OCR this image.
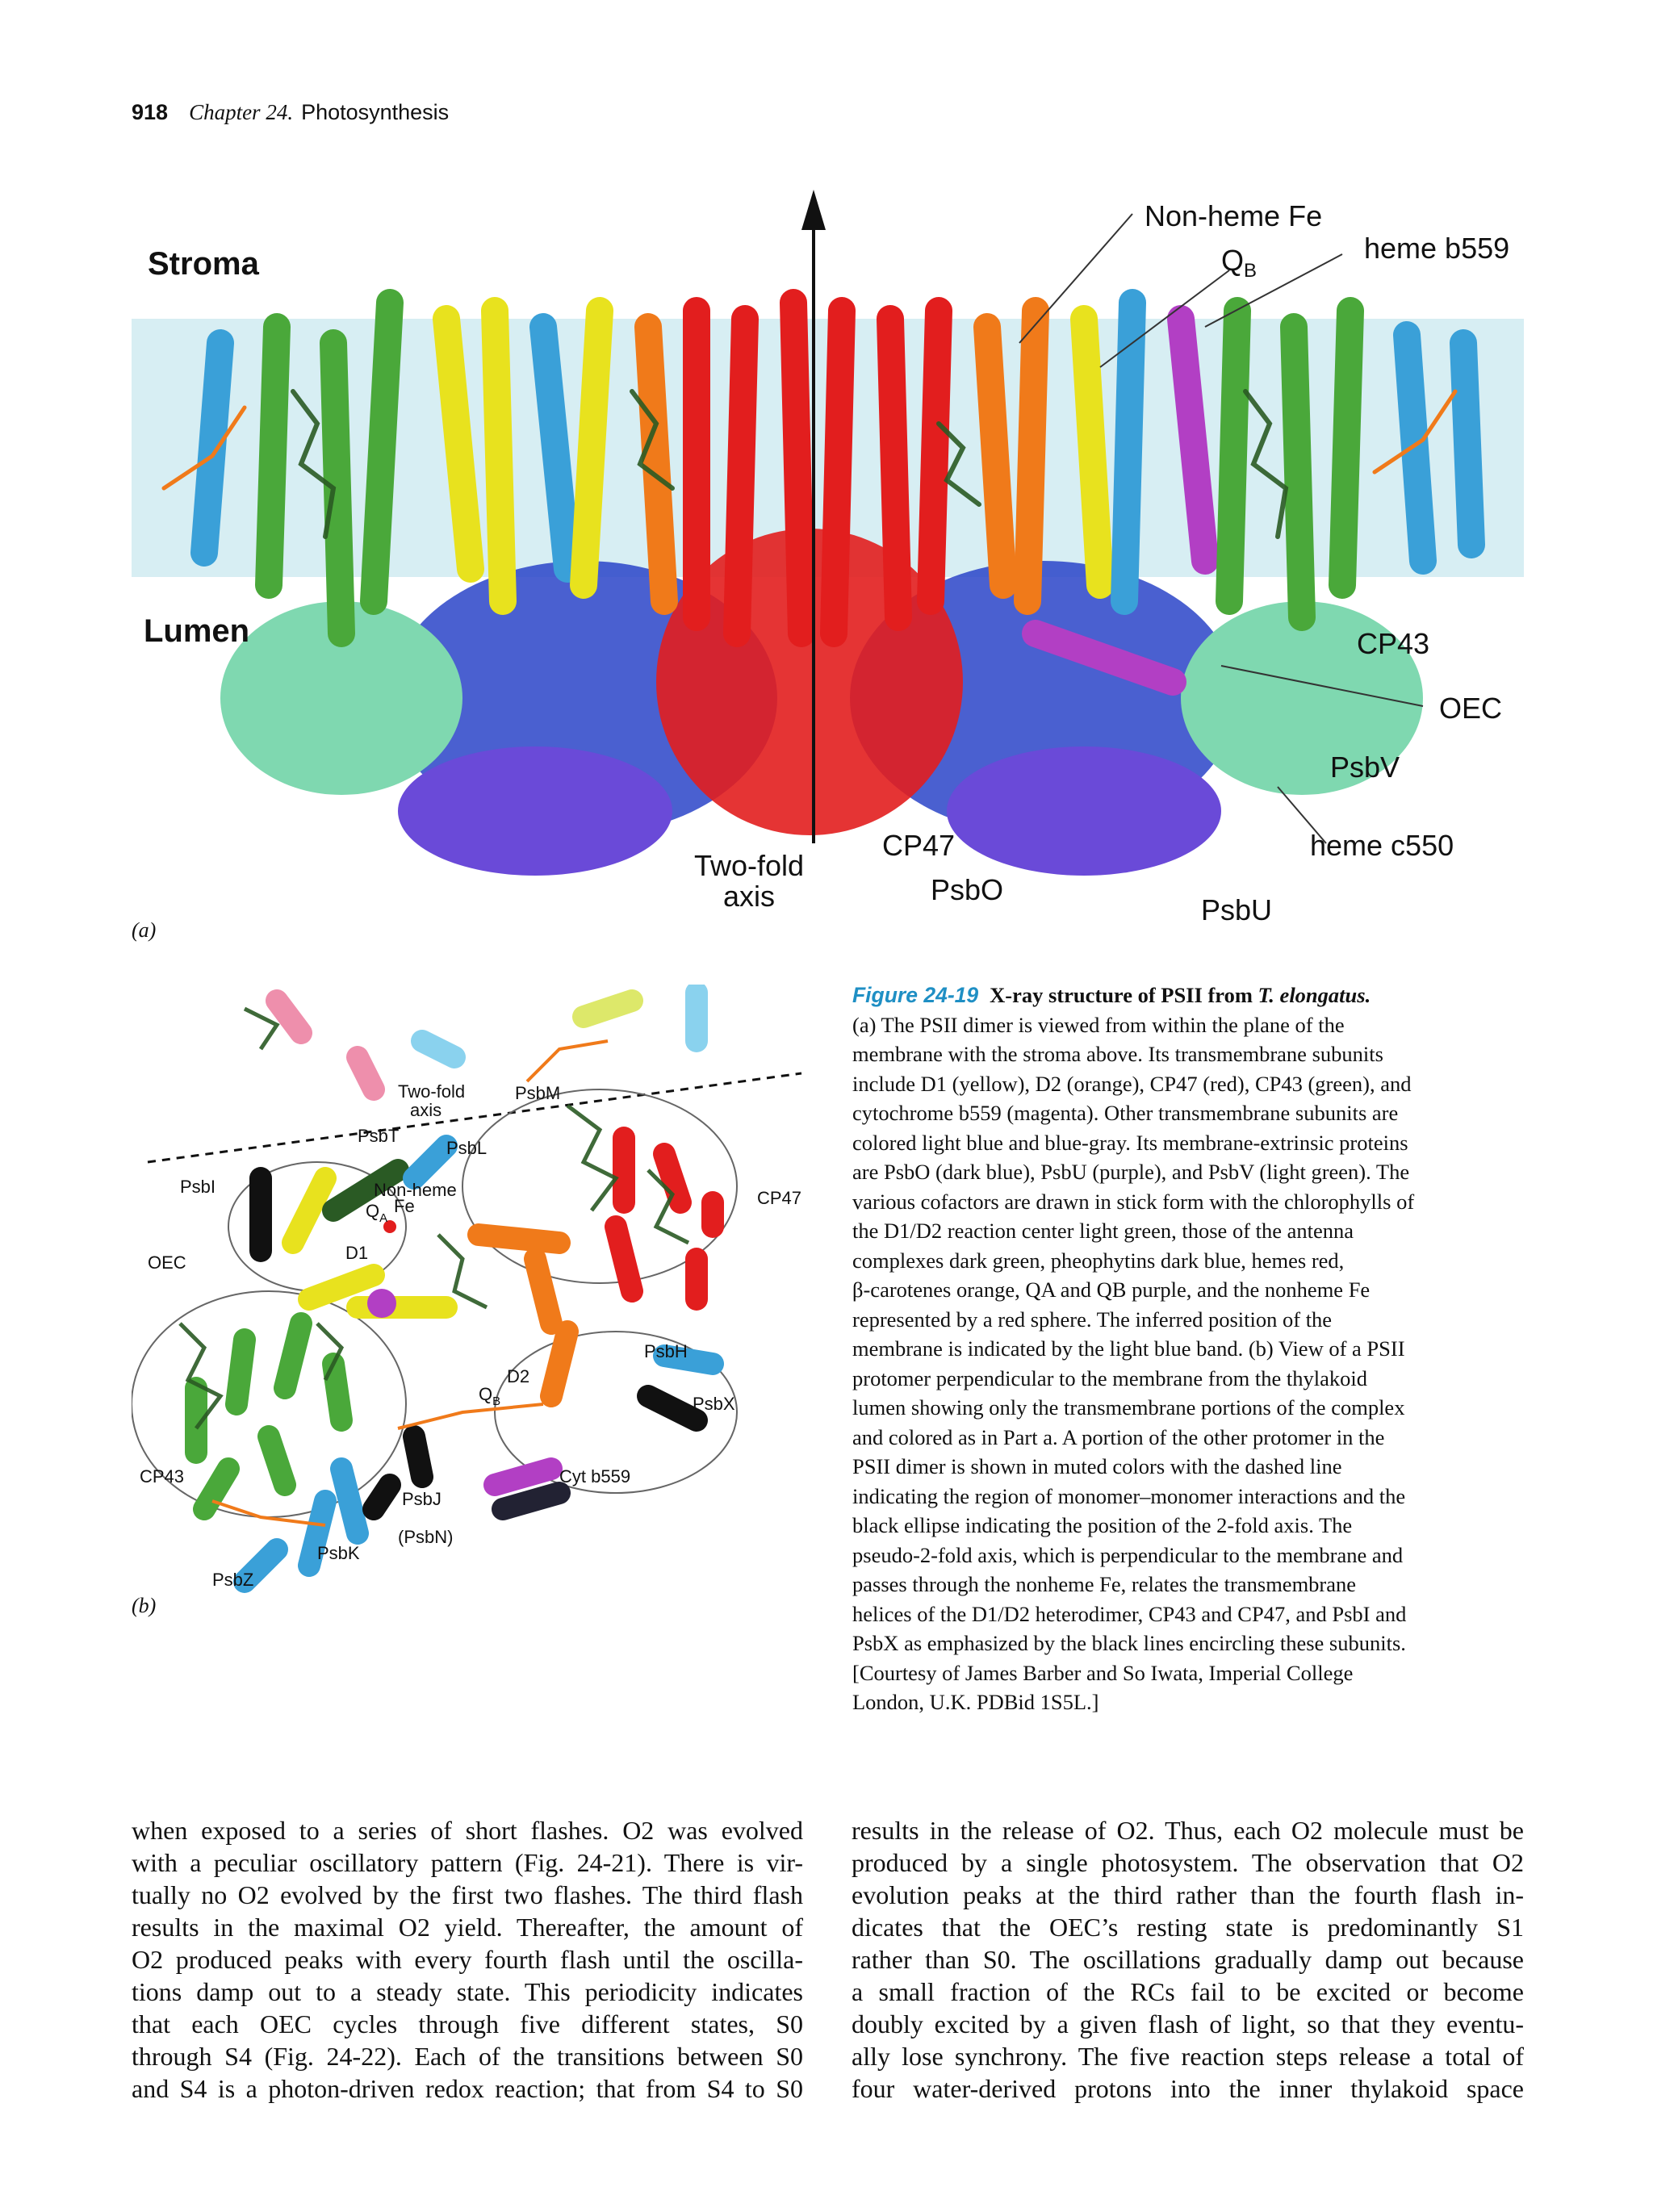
918 Chapter 24. Photosynthesis
Stroma
Lumen
Non-heme Fe
$Q_B$
heme b559
CP43
OEC
PsbV
heme c550
Two-fold
axis
CP47
PsbO
PsbU
(a)
Two-fold
axis
PsbM
PsbT
PsbL
PsbI	Non-heme
$Q_A$
Fe
D1
OEC
CP47
D2
$Q_B$
PsbH
PsbX
CP43	Cyt b559
PsbJ
(PsbN)
PsbK
PsbZ
(b)
Figure 24-19 X-ray structure of PSII from T. elongatus.
(a) The PSII dimer is viewed from within the plane of the
membrane with the stroma above. Its transmembrane subunits
include D1 (yellow), D2 (orange), CP47 (red), CP43 (green), and
cytochrome b559 (magenta). Other transmembrane subunits are
colored light blue and blue-gray. Its membrane-extrinsic proteins
are PsbO (dark blue), PsbU (purple), and PsbV (light green). The
various cofactors are drawn in stick form with the chlorophylls of
the D1/D2 reaction center light green, those of the antenna
complexes dark green, pheophytins dark blue, hemes red,
β-carotenes orange, QA and QB purple, and the nonheme Fe
represented by a red sphere. The inferred position of the
membrane is indicated by the light blue band. (b) View of a PSII
protomer perpendicular to the membrane from the thylakoid
lumen showing only the transmembrane portions of the complex
and colored as in Part a. A portion of the other protomer in the
PSII dimer is shown in muted colors with the dashed line
indicating the region of monomer–monomer interactions and the
black ellipse indicating the position of the 2-fold axis. The
pseudo-2-fold axis, which is perpendicular to the membrane and
passes through the nonheme Fe, relates the transmembrane
helices of the D1/D2 heterodimer, CP43 and CP47, and PsbI and
PsbX as emphasized by the black lines encircling these subunits.
[Courtesy of James Barber and So Iwata, Imperial College
London, U.K. PDBid 1S5L.]
when exposed to a series of short flashes. O2 was evolved
with a peculiar oscillatory pattern (Fig. 24-21). There is vir-
tually no O2 evolved by the first two flashes. The third flash
results in the maximal O2 yield. Thereafter, the amount of
O2 produced peaks with every fourth flash until the oscilla-
tions damp out to a steady state. This periodicity indicates
that each OEC cycles through five different states, S0
through S4 (Fig. 24-22). Each of the transitions between S0
and S4 is a photon-driven redox reaction; that from S4 to S0
results in the release of O2. Thus, each O2 molecule must be
produced by a single photosystem. The observation that O2
evolution peaks at the third rather than the fourth flash in-
dicates that the OEC’s resting state is predominantly S1
rather than S0. The oscillations gradually damp out because
a small fraction of the RCs fail to be excited or become
doubly excited by a given flash of light, so that they eventu-
ally lose synchrony. The five reaction steps release a total of
four water-derived protons into the inner thylakoid space
